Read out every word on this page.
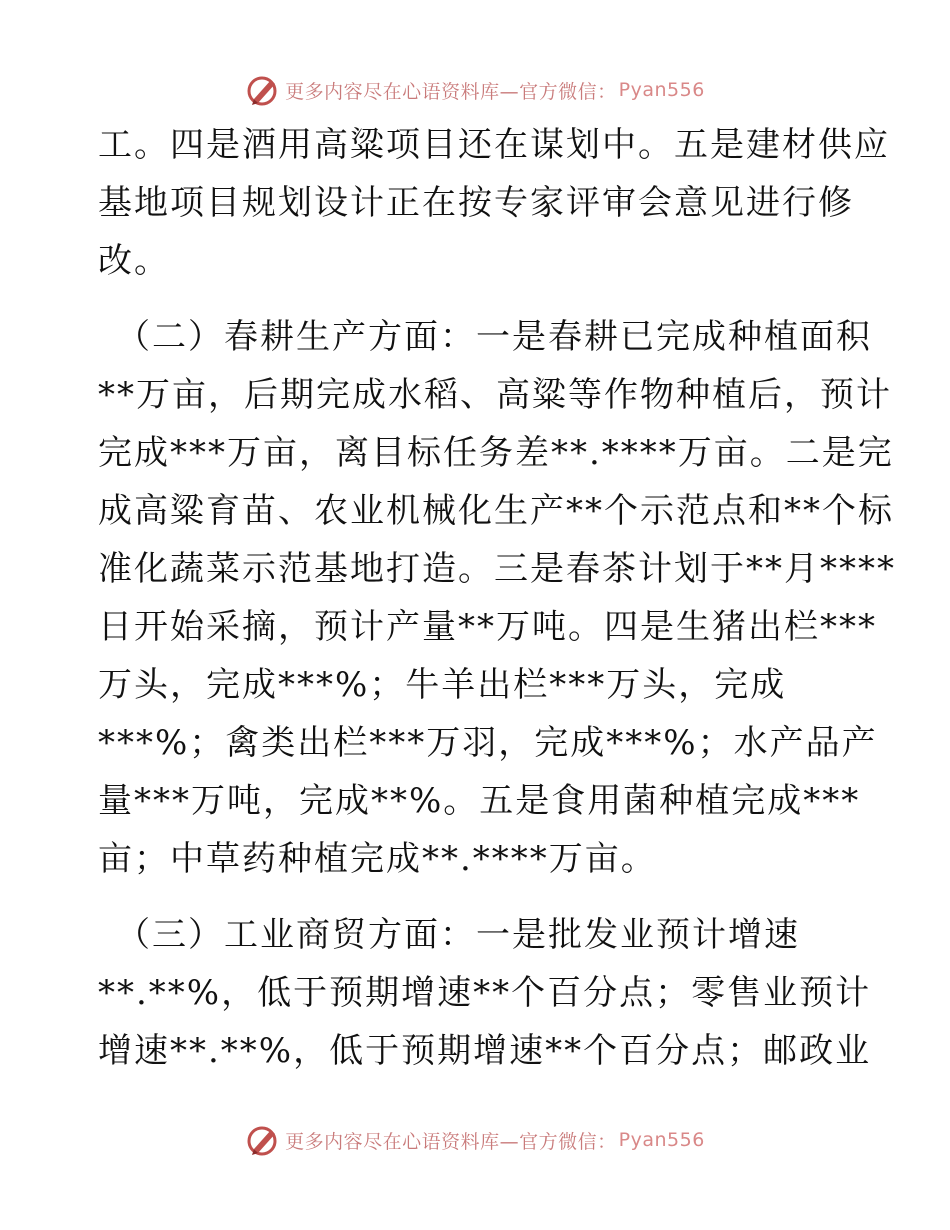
更多内容尽在心语资料库—官方微信： Pyan556
工。四是酒用高粱项目还在谋划中。五是建材供应
基地项目规划设计正在按专家评审会意见进行修
改。
（二）春耕生产方面：一是春耕已完成种植面积
**万亩，后期完成水稻、高粱等作物种植后，预计
完成***万亩，离目标任务差**.****万亩。二是完
成高粱育苗、农业机械化生产**个示范点和**个标
准化蔬菜示范基地打造。三是春茶计划于**月****
日开始采摘，预计产量**万吨。四是生猪出栏***
万头，完成***%；牛羊出栏***万头，完成
***%；禽类出栏***万羽，完成***%；水产品产
量***万吨，完成**%。五是食用菌种植完成***
亩；中草药种植完成**.****万亩。
（三）工业商贸方面：一是批发业预计增速
**.**%，低于预期增速**个百分点；零售业预计
增速**.**%，低于预期增速**个百分点；邮政业
更多内容尽在心语资料库—官方微信： Pyan556
